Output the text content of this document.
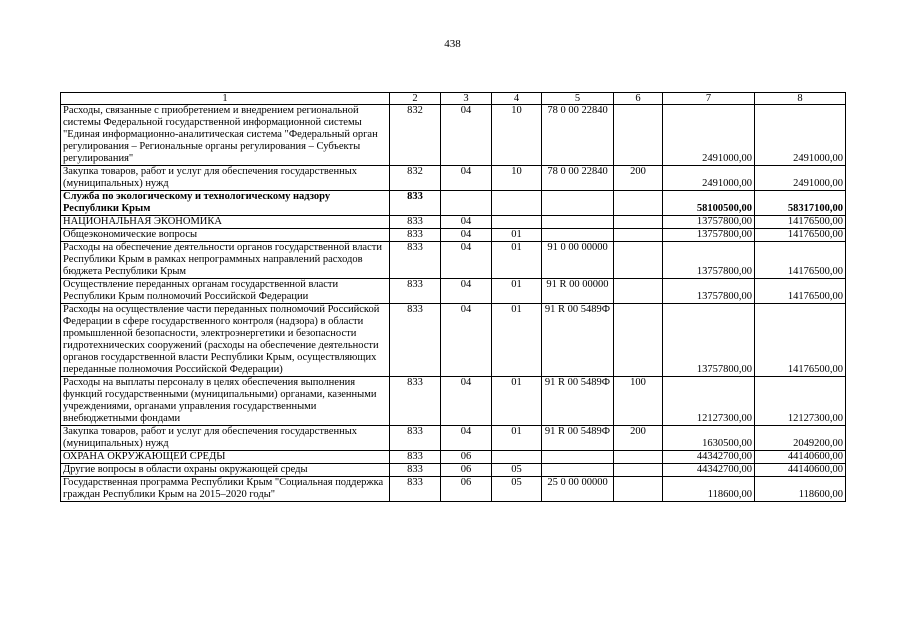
438
1	2	3	4	5	6	7	8
Расходы, связанные с приобретением и внедрением региональной системы Федеральной государственной информационной системы "Единая информационно-аналитическая система "Федеральный орган регулирования – Региональные органы регулирования – Субъекты регулирования"	832	04	10	78 0 00 22840		2491000,00	2491000,00
Закупка товаров, работ и услуг для обеспечения государственных (муниципальных) нужд	832	04	10	78 0 00 22840	200	2491000,00	2491000,00
Служба по экологическому и технологическому надзору Республики Крым	833					58100500,00	58317100,00
НАЦИОНАЛЬНАЯ ЭКОНОМИКА	833	04				13757800,00	14176500,00
Общеэкономические вопросы	833	04	01			13757800,00	14176500,00
Расходы на обеспечение деятельности органов государственной власти Республики Крым в рамках непрограммных направлений расходов бюджета Республики Крым	833	04	01	91 0 00 00000		13757800,00	14176500,00
Осуществление переданных органам государственной власти Республики Крым полномочий Российской Федерации	833	04	01	91 R 00 00000		13757800,00	14176500,00
Расходы на осуществление части переданных полномочий Российской Федерации в сфере государственного контроля (надзора) в области промышленной безопасности, электроэнергетики и безопасности гидротехнических сооружений (расходы на обеспечение деятельности органов государственной власти Республики Крым, осуществляющих переданные полномочия Российской Федерации)	833	04	01	91 R 00 5489Ф		13757800,00	14176500,00
Расходы на выплаты персоналу в целях обеспечения выполнения функций государственными (муниципальными) органами, казенными учреждениями, органами управления государственными внебюджетными фондами	833	04	01	91 R 00 5489Ф	100	12127300,00	12127300,00
Закупка товаров, работ и услуг для обеспечения государственных (муниципальных) нужд	833	04	01	91 R 00 5489Ф	200	1630500,00	2049200,00
ОХРАНА ОКРУЖАЮЩЕЙ СРЕДЫ	833	06				44342700,00	44140600,00
Другие вопросы в области охраны окружающей среды	833	06	05			44342700,00	44140600,00
Государственная программа Республики Крым "Социальная поддержка граждан Республики Крым на 2015–2020 годы"	833	06	05	25 0 00 00000		118600,00	118600,00
